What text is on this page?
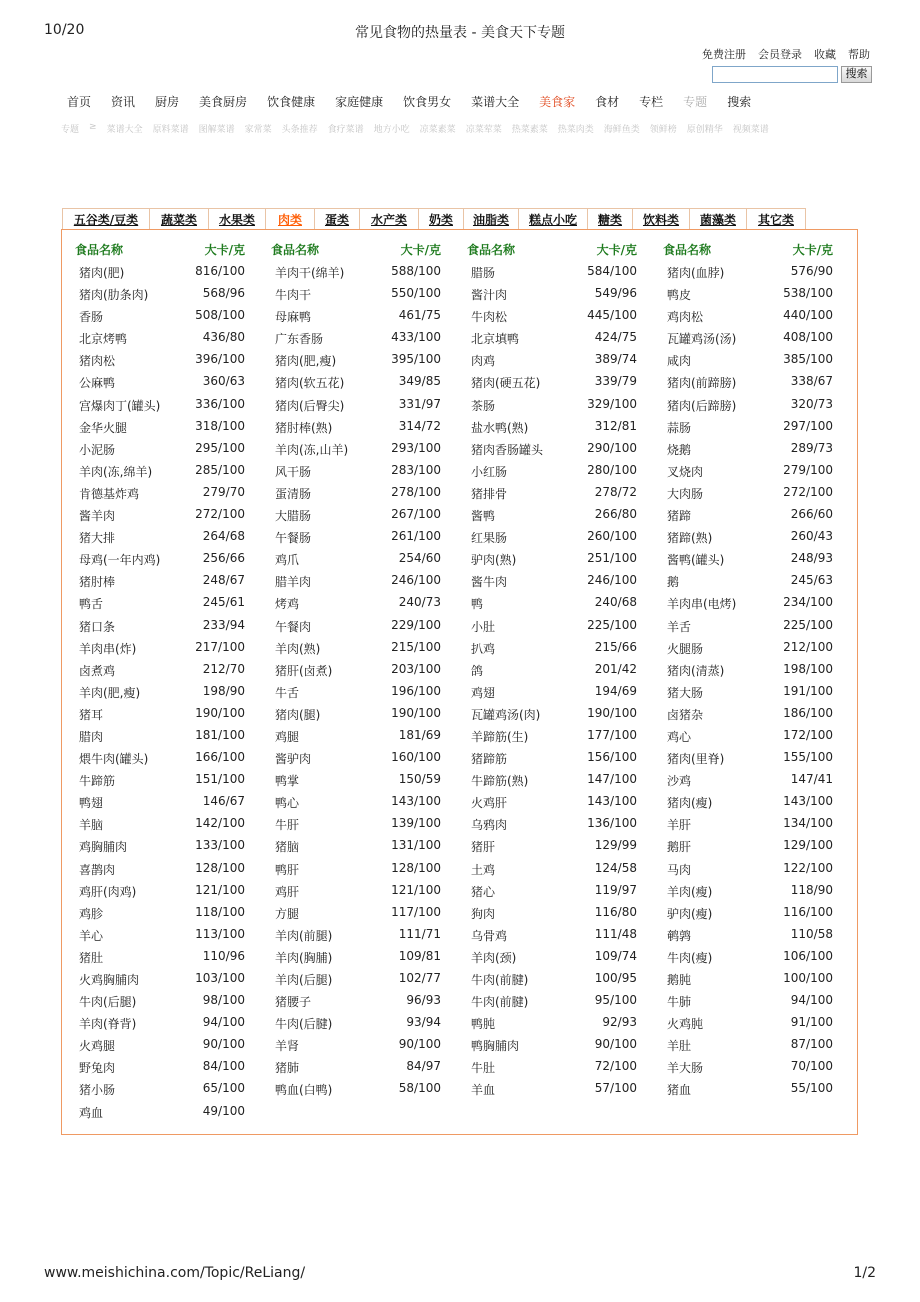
10/20	常见食物的热量表 - 美食天下专题
免费注册 会员登录 收藏 帮助
搜索
首页	资讯	厨房	美食厨房	饮食健康	家庭健康	饮食男女	菜谱大全	美食家	食材	专栏	专题	搜索
专题	≥	菜谱大全	原料菜谱	图解菜谱	家常菜	头条推荐	食疗菜谱	地方小吃	凉菜素菜	凉菜荤菜	热菜素菜	热菜肉类	海鲜鱼类	领鲜榜	原创精华	视频菜谱
五谷类/豆类	蔬菜类	水果类	肉类	蛋类	水产类	奶类	油脂类	糕点小吃	糖类	饮料类	菌藻类	其它类
食品名称	大卡/克
猪肉(肥)	816/100
猪肉(肋条肉)	568/96
香肠	508/100
北京烤鸭	436/80
猪肉松	396/100
公麻鸭	360/63
宫爆肉丁(罐头)	336/100
金华火腿	318/100
小泥肠	295/100
羊肉(冻,绵羊)	285/100
肯德基炸鸡	279/70
酱羊肉	272/100
猪大排	264/68
母鸡(一年内鸡)	256/66
猪肘棒	248/67
鸭舌	245/61
猪口条	233/94
羊肉串(炸)	217/100
卤煮鸡	212/70
羊肉(肥,瘦)	198/90
猪耳	190/100
腊肉	181/100
煨牛肉(罐头)	166/100
牛蹄筋	151/100
鸭翅	146/67
羊脑	142/100
鸡胸脯肉	133/100
喜鹊肉	128/100
鸡肝(肉鸡)	121/100
鸡胗	118/100
羊心	113/100
猪肚	110/96
火鸡胸脯肉	103/100
牛肉(后腿)	98/100
羊肉(脊背)	94/100
火鸡腿	90/100
野兔肉	84/100
猪小肠	65/100
鸡血	49/100
食品名称	大卡/克
羊肉干(绵羊)	588/100
牛肉干	550/100
母麻鸭	461/75
广东香肠	433/100
猪肉(肥,瘦)	395/100
猪肉(软五花)	349/85
猪肉(后臀尖)	331/97
猪肘棒(熟)	314/72
羊肉(冻,山羊)	293/100
风干肠	283/100
蛋清肠	278/100
大腊肠	267/100
午餐肠	261/100
鸡爪	254/60
腊羊肉	246/100
烤鸡	240/73
午餐肉	229/100
羊肉(熟)	215/100
猪肝(卤煮)	203/100
牛舌	196/100
猪肉(腿)	190/100
鸡腿	181/69
酱驴肉	160/100
鸭掌	150/59
鸭心	143/100
牛肝	139/100
猪脑	131/100
鸭肝	128/100
鸡肝	121/100
方腿	117/100
羊肉(前腿)	111/71
羊肉(胸脯)	109/81
羊肉(后腿)	102/77
猪腰子	96/93
牛肉(后腱)	93/94
羊肾	90/100
猪肺	84/97
鸭血(白鸭)	58/100
食品名称	大卡/克
腊肠	584/100
酱汁肉	549/96
牛肉松	445/100
北京填鸭	424/75
肉鸡	389/74
猪肉(硬五花)	339/79
茶肠	329/100
盐水鸭(熟)	312/81
猪肉香肠罐头	290/100
小红肠	280/100
猪排骨	278/72
酱鸭	266/80
红果肠	260/100
驴肉(熟)	251/100
酱牛肉	246/100
鸭	240/68
小肚	225/100
扒鸡	215/66
鸽	201/42
鸡翅	194/69
瓦罐鸡汤(肉)	190/100
羊蹄筋(生)	177/100
猪蹄筋	156/100
牛蹄筋(熟)	147/100
火鸡肝	143/100
乌鸦肉	136/100
猪肝	129/99
土鸡	124/58
猪心	119/97
狗肉	116/80
乌骨鸡	111/48
羊肉(颈)	109/74
牛肉(前腱)	100/95
牛肉(前腱)	95/100
鸭肫	92/93
鸭胸脯肉	90/100
牛肚	72/100
羊血	57/100
食品名称	大卡/克
猪肉(血脖)	576/90
鸭皮	538/100
鸡肉松	440/100
瓦罐鸡汤(汤)	408/100
咸肉	385/100
猪肉(前蹄膀)	338/67
猪肉(后蹄膀)	320/73
蒜肠	297/100
烧鹅	289/73
叉烧肉	279/100
大肉肠	272/100
猪蹄	266/60
猪蹄(熟)	260/43
酱鸭(罐头)	248/93
鹅	245/63
羊肉串(电烤)	234/100
羊舌	225/100
火腿肠	212/100
猪肉(清蒸)	198/100
猪大肠	191/100
卤猪杂	186/100
鸡心	172/100
猪肉(里脊)	155/100
沙鸡	147/41
猪肉(瘦)	143/100
羊肝	134/100
鹅肝	129/100
马肉	122/100
羊肉(瘦)	118/90
驴肉(瘦)	116/100
鹌鹑	110/58
牛肉(瘦)	106/100
鹅肫	100/100
牛肺	94/100
火鸡肫	91/100
羊肚	87/100
羊大肠	70/100
猪血	55/100
www.meishichina.com/Topic/ReLiang/	1/2
